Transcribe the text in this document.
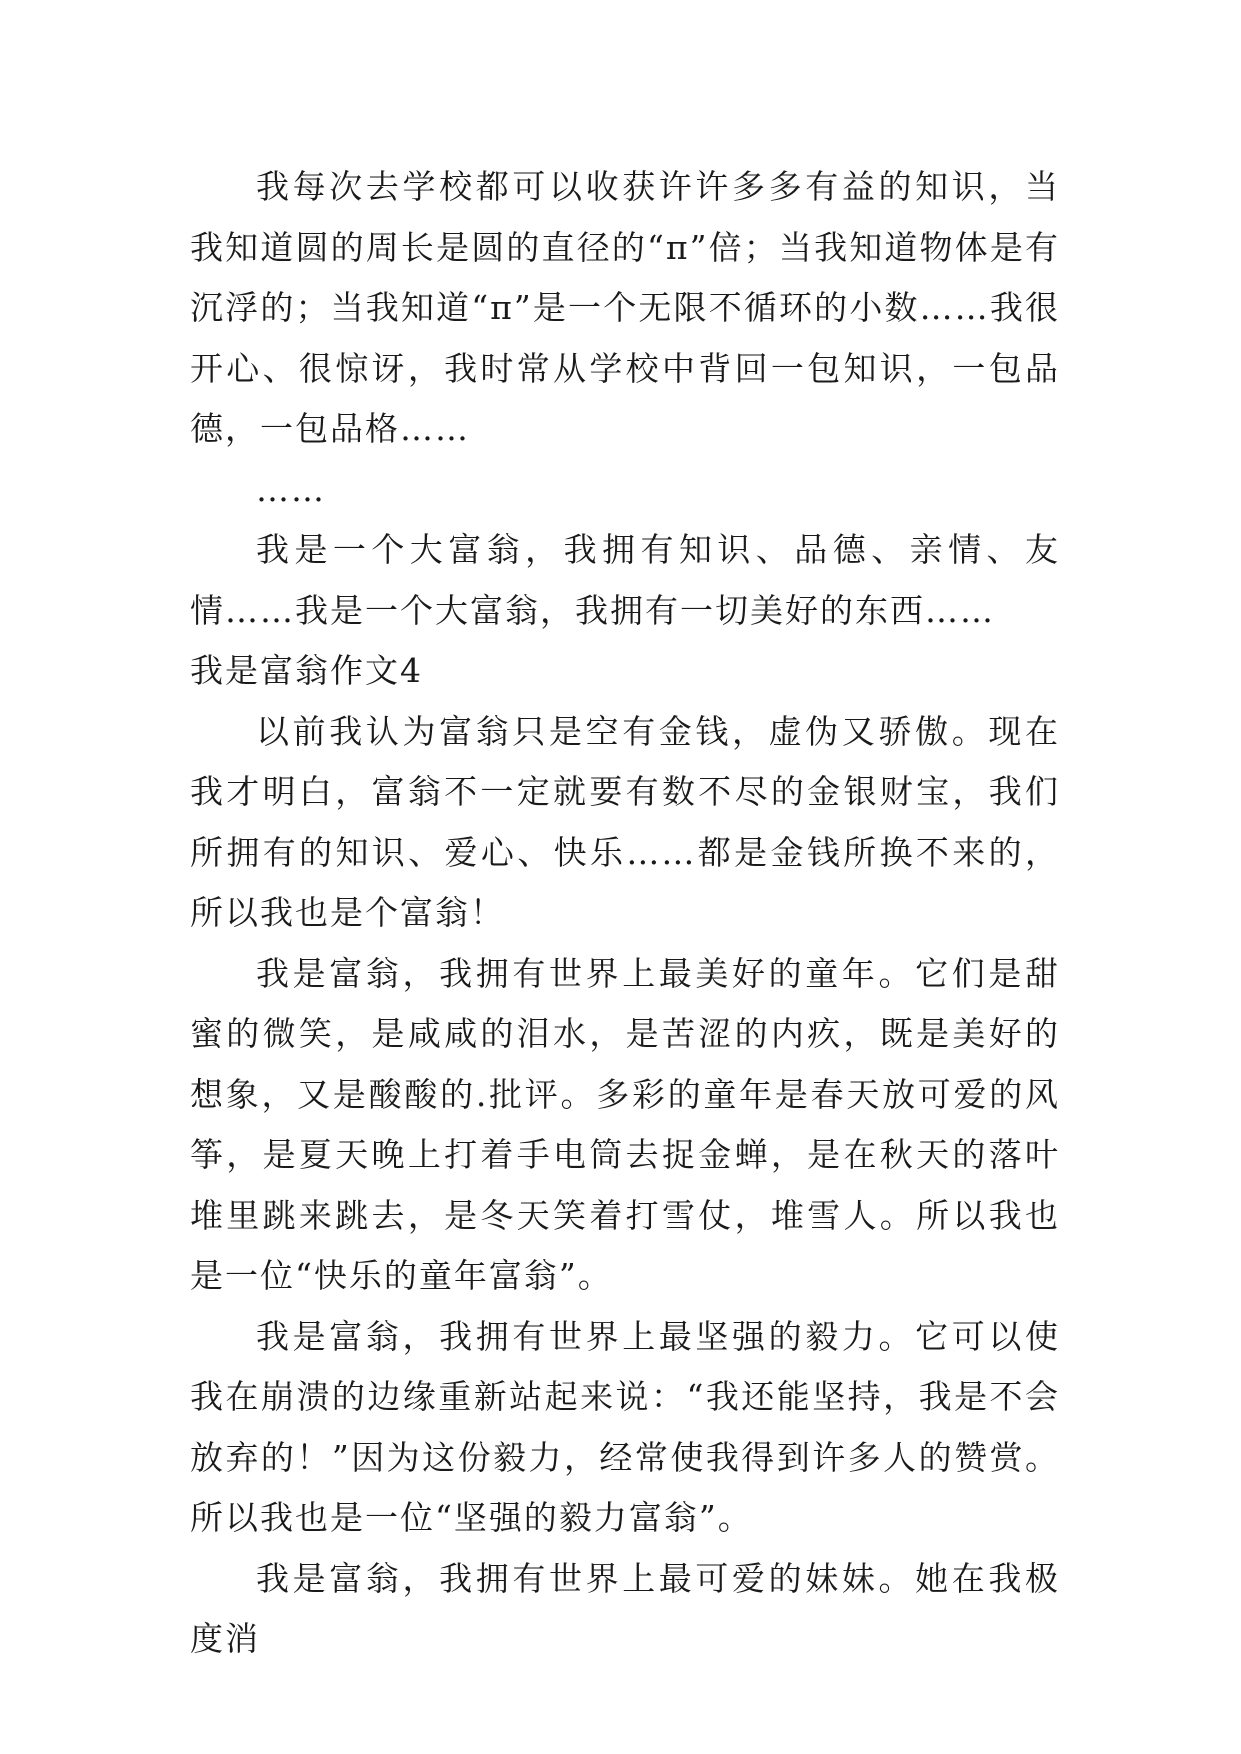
我每次去学校都可以收获许许多多有益的知识，当我知道圆的周长是圆的直径的“π”倍；当我知道物体是有沉浮的；当我知道“π”是一个无限不循环的小数……我很开心、很惊讶，我时常从学校中背回一包知识，一包品德，一包品格……

……

我是一个大富翁，我拥有知识、品德、亲情、友情……我是一个大富翁，我拥有一切美好的东西……

我是富翁作文4

以前我认为富翁只是空有金钱，虚伪又骄傲。现在我才明白，富翁不一定就要有数不尽的金银财宝，我们所拥有的知识、爱心、快乐……都是金钱所换不来的，所以我也是个富翁！

我是富翁，我拥有世界上最美好的童年。它们是甜蜜的微笑，是咸咸的泪水，是苦涩的内疚，既是美好的想象，又是酸酸的.批评。多彩的童年是春天放可爱的风筝，是夏天晚上打着手电筒去捉金蝉，是在秋天的落叶堆里跳来跳去，是冬天笑着打雪仗，堆雪人。所以我也是一位“快乐的童年富翁”。

我是富翁，我拥有世界上最坚强的毅力。它可以使我在崩溃的边缘重新站起来说：“我还能坚持，我是不会放弃的！”因为这份毅力，经常使我得到许多人的赞赏。所以我也是一位“坚强的毅力富翁”。

我是富翁，我拥有世界上最可爱的妹妹。她在我极度消
